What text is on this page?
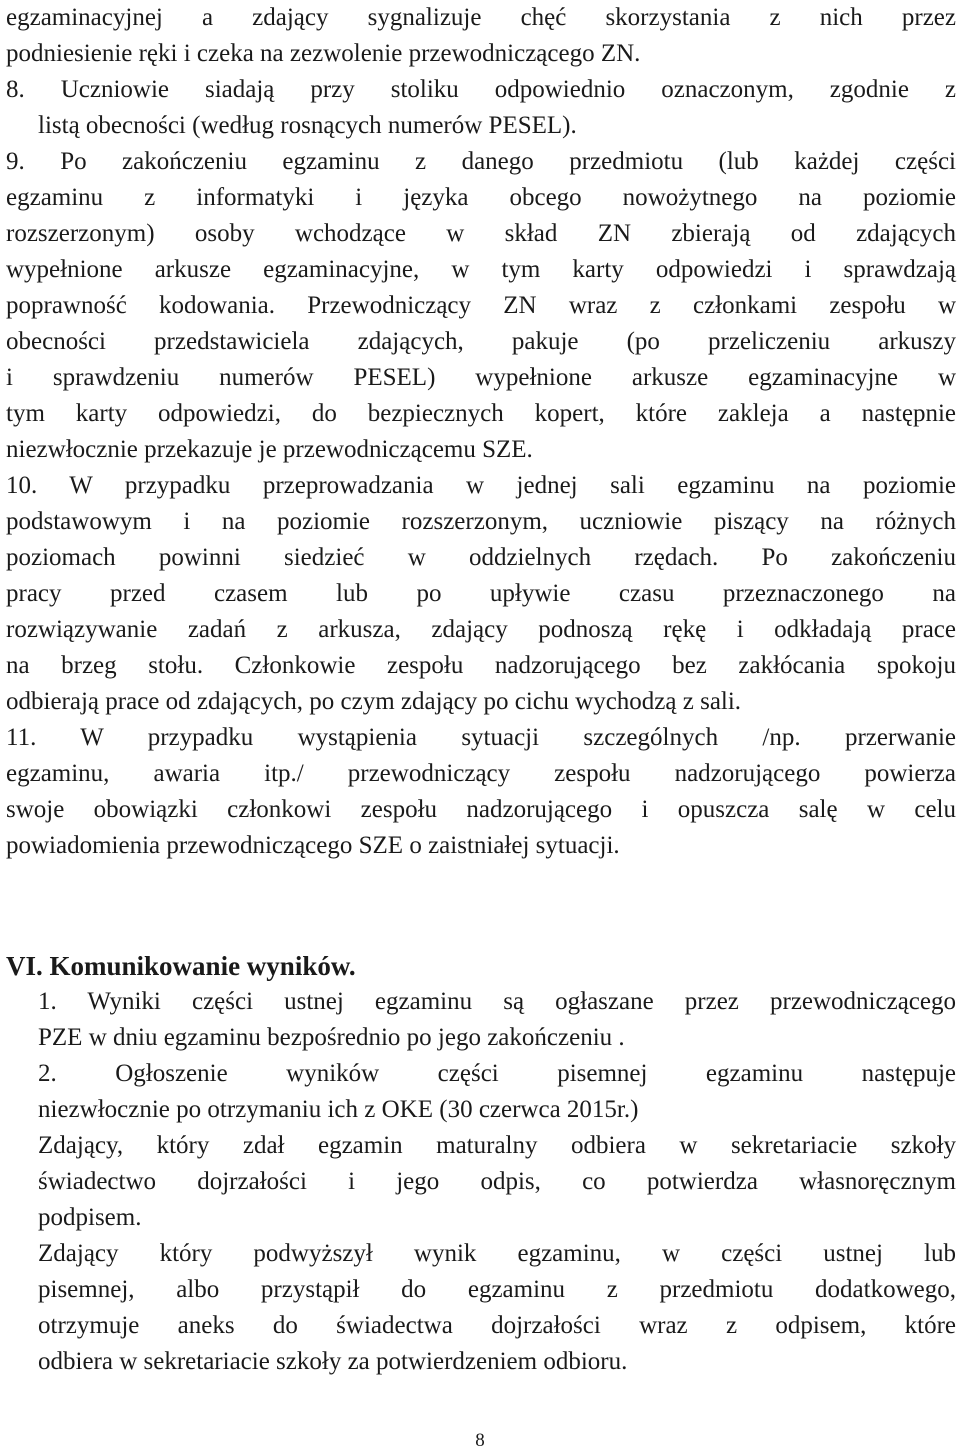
egzaminacyjnej a zdający sygnalizuje chęć skorzystania z nich przez
podniesienie ręki i czeka na zezwolenie przewodniczącego ZN.
8. Uczniowie siadają przy stoliku odpowiednio oznaczonym, zgodnie z
listą obecności (według rosnących numerów PESEL).
9. Po zakończeniu egzaminu z danego przedmiotu (lub każdej części
egzaminu z informatyki i języka obcego nowożytnego na poziomie
rozszerzonym) osoby wchodzące w skład ZN zbierają od zdających
wypełnione arkusze egzaminacyjne, w tym karty odpowiedzi i sprawdzają
poprawność kodowania. Przewodniczący ZN wraz z członkami zespołu w
obecności przedstawiciela zdających, pakuje (po przeliczeniu arkuszy
i sprawdzeniu numerów PESEL) wypełnione arkusze egzaminacyjne w
tym karty odpowiedzi, do bezpiecznych kopert, które zakleja a następnie
niezwłocznie przekazuje je przewodniczącemu SZE.
10. W przypadku przeprowadzania w jednej sali egzaminu na poziomie
podstawowym i na poziomie rozszerzonym, uczniowie piszący na różnych
poziomach powinni siedzieć w oddzielnych rzędach. Po zakończeniu
pracy przed czasem lub po upływie czasu przeznaczonego na
rozwiązywanie zadań z arkusza, zdający podnoszą rękę i odkładają prace
na brzeg stołu. Członkowie zespołu nadzorującego bez zakłócania spokoju
odbierają prace od zdających, po czym zdający po cichu wychodzą z sali.
11. W przypadku wystąpienia sytuacji szczególnych /np. przerwanie
egzaminu, awaria itp./ przewodniczący zespołu nadzorującego powierza
swoje obowiązki członkowi zespołu nadzorującego i opuszcza salę w celu
powiadomienia przewodniczącego SZE o zaistniałej sytuacji.
VI. Komunikowanie wyników.
1. Wyniki części ustnej egzaminu są ogłaszane przez przewodniczącego
PZE w dniu egzaminu bezpośrednio po jego zakończeniu .
2. Ogłoszenie wyników części pisemnej egzaminu następuje
niezwłocznie po otrzymaniu ich z OKE (30 czerwca 2015r.)
Zdający, który zdał egzamin maturalny odbiera w sekretariacie szkoły
świadectwo dojrzałości i jego odpis, co potwierdza własnoręcznym
podpisem.
Zdający który podwyższył wynik egzaminu, w części ustnej lub
pisemnej, albo przystąpił do egzaminu z przedmiotu dodatkowego,
otrzymuje aneks do świadectwa dojrzałości wraz z odpisem, które
odbiera w sekretariacie szkoły za potwierdzeniem odbioru.
8
